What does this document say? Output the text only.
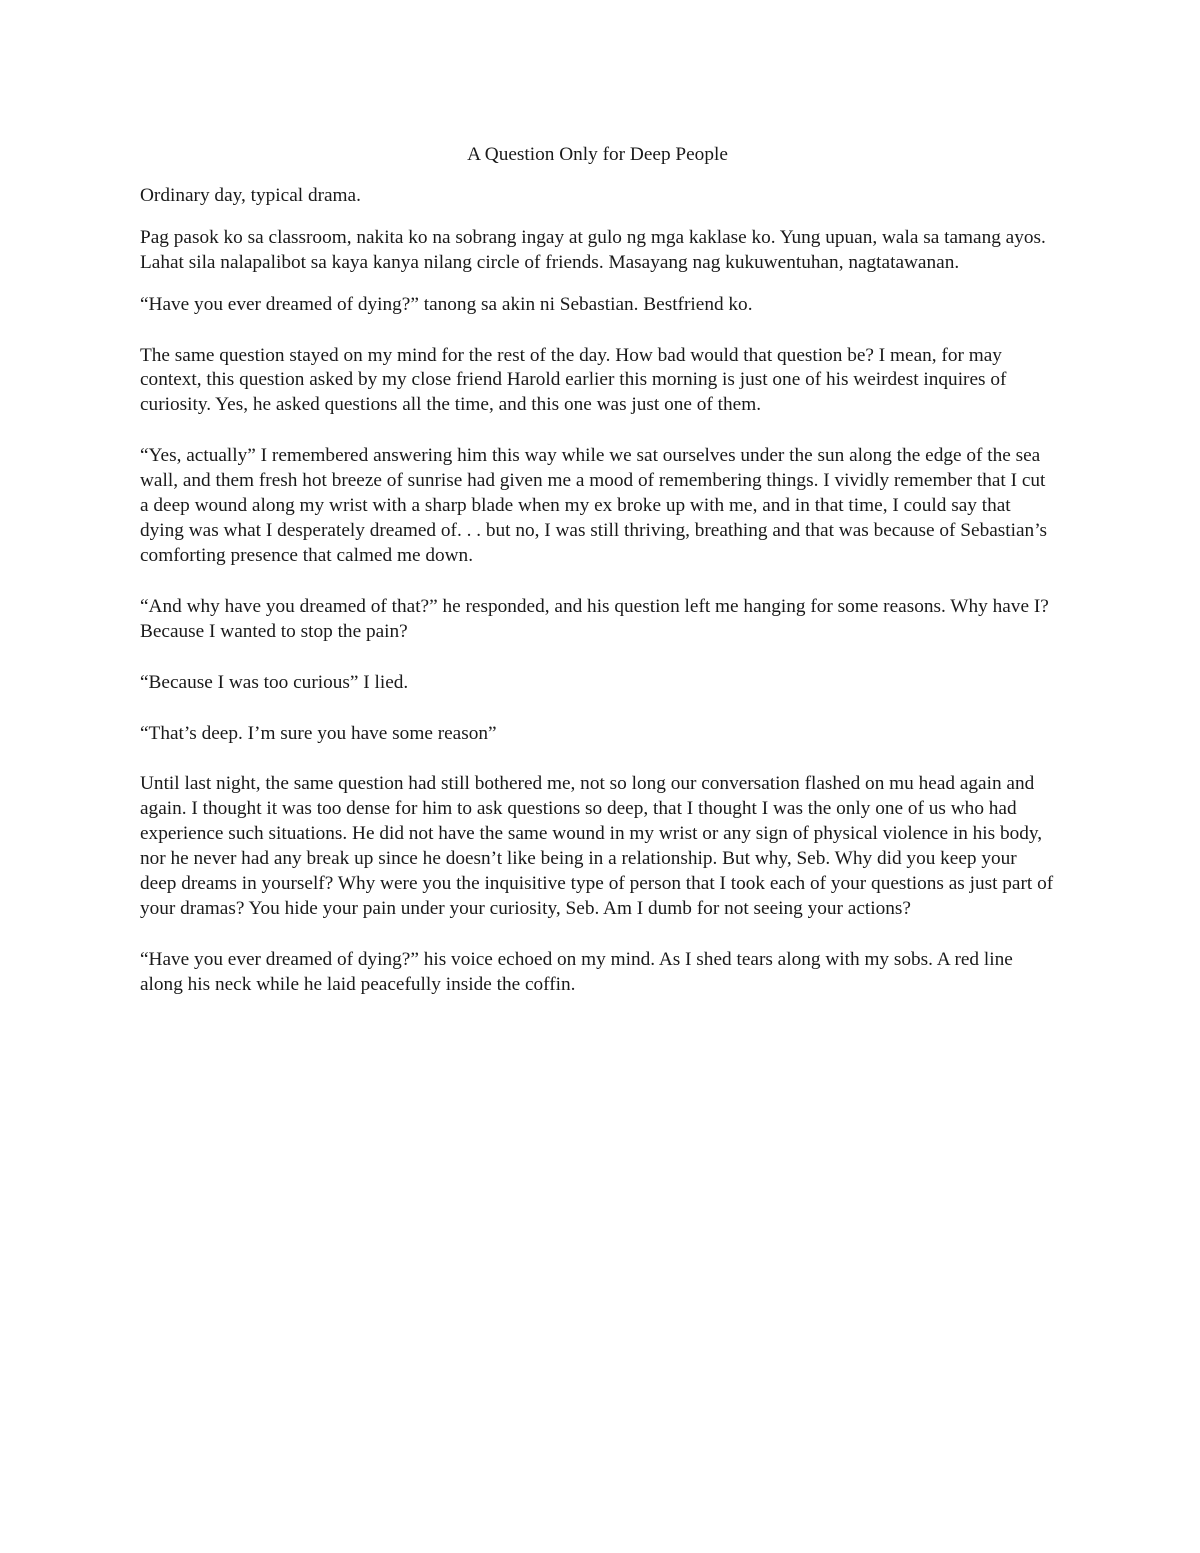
A Question Only for Deep People

Ordinary day, typical drama.

Pag pasok ko sa classroom, nakita ko na sobrang ingay at gulo ng mga kaklase ko. Yung upuan, wala sa tamang ayos. Lahat sila nalapalibot sa kaya kanya nilang circle of friends. Masayang nag kukuwentuhan, nagtatawanan.

“Have you ever dreamed of dying?” tanong sa akin ni Sebastian. Bestfriend ko.

The same question stayed on my mind for the rest of the day. How bad would that question be? I mean, for may context, this question asked by my close friend Harold earlier this morning is just one of his weirdest inquires of curiosity. Yes, he asked questions all the time, and this one was just one of them.

“Yes, actually” I remembered answering him this way while we sat ourselves under the sun along the edge of the sea wall, and them fresh hot breeze of sunrise had given me a mood of remembering things. I vividly remember that I cut a deep wound along my wrist with a sharp blade when my ex broke up with me, and in that time, I could say that dying was what I desperately dreamed of. . . but no, I was still thriving, breathing and that was because of Sebastian’s comforting presence that calmed me down.

“And why have you dreamed of that?” he responded, and his question left me hanging for some reasons. Why have I? Because I wanted to stop the pain?

“Because I was too curious” I lied.

“That’s deep. I’m sure you have some reason”

Until last night, the same question had still bothered me, not so long our conversation flashed on mu head again and again. I thought it was too dense for him to ask questions so deep, that I thought I was the only one of us who had experience such situations. He did not have the same wound in my wrist or any sign of physical violence in his body, nor he never had any break up since he doesn’t like being in a relationship. But why, Seb. Why did you keep your deep dreams in yourself? Why were you the inquisitive type of person that I took each of your questions as just part of your dramas? You hide your pain under your curiosity, Seb. Am I dumb for not seeing your actions?

“Have you ever dreamed of dying?” his voice echoed on my mind. As I shed tears along with my sobs. A red line along his neck while he laid peacefully inside the coffin.
